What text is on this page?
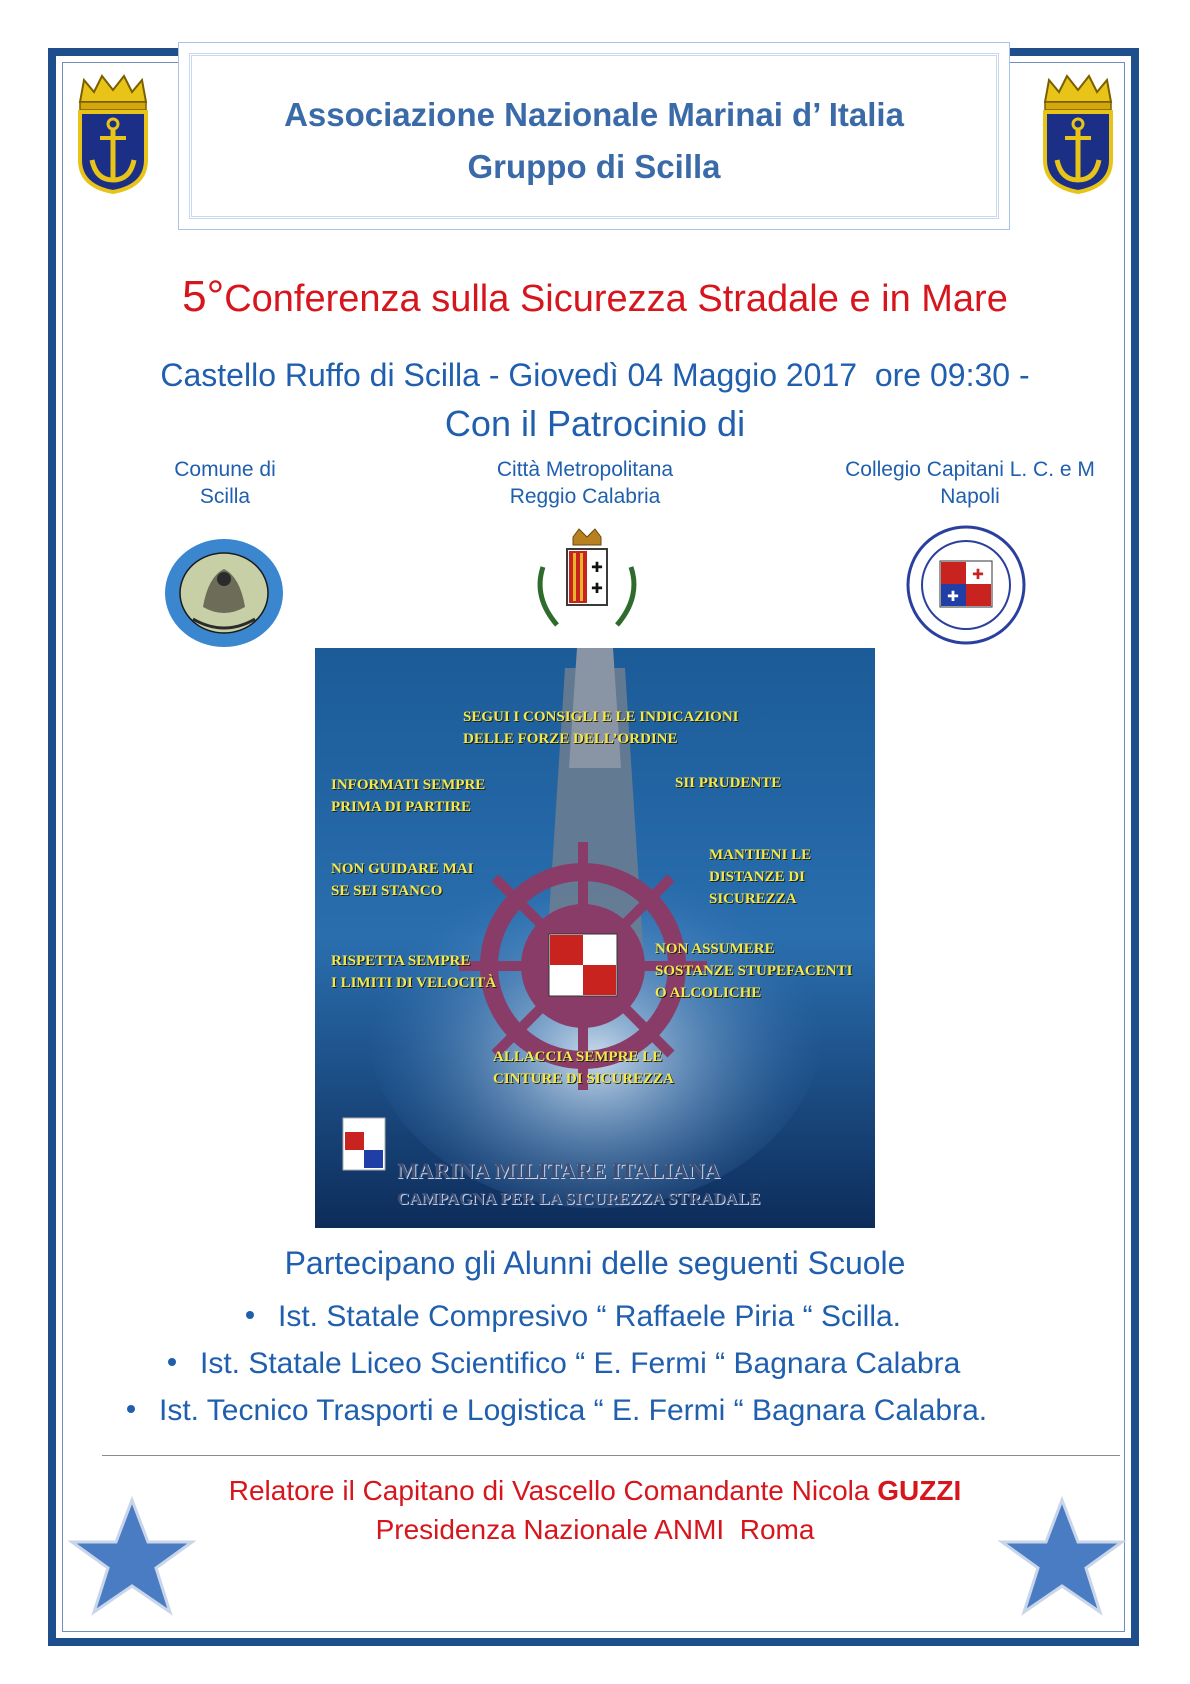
Associazione Nazionale Marinai d’ Italia
Gruppo di Scilla
5°Conferenza sulla Sicurezza Stradale e in Mare
Castello Ruffo di Scilla - Giovedì 04 Maggio 2017  ore 09:30 -
Con il Patrocinio di
Comune di
Scilla
Città Metropolitana
Reggio Calabria
Collegio Capitani L. C. e M
Napoli
✚
✚
✚
✚
SEGUI I CONSIGLI E LE INDICAZIONI
DELLE FORZE DELL’ORDINE
INFORMATI SEMPRE
PRIMA DI PARTIRE
SII PRUDENTE
NON GUIDARE MAI
SE SEI STANCO
MANTIENI LE
DISTANZE DI
SICUREZZA
RISPETTA SEMPRE
I LIMITI DI VELOCITÀ
NON ASSUMERE
SOSTANZE STUPEFACENTI
O ALCOLICHE
ALLACCIA SEMPRE LE
CINTURE DI SICUREZZA
MARINA MILITARE ITALIANA
CAMPAGNA PER LA SICUREZZA STRADALE
Partecipano gli Alunni delle seguenti Scuole
Ist. Statale Compresivo “ Raffaele Piria “ Scilla.
Ist. Statale Liceo Scientifico “ E. Fermi “ Bagnara Calabra
Ist. Tecnico Trasporti e Logistica “ E. Fermi “ Bagnara Calabra.
Relatore il Capitano di Vascello Comandante Nicola GUZZI
Presidenza Nazionale ANMI  Roma
